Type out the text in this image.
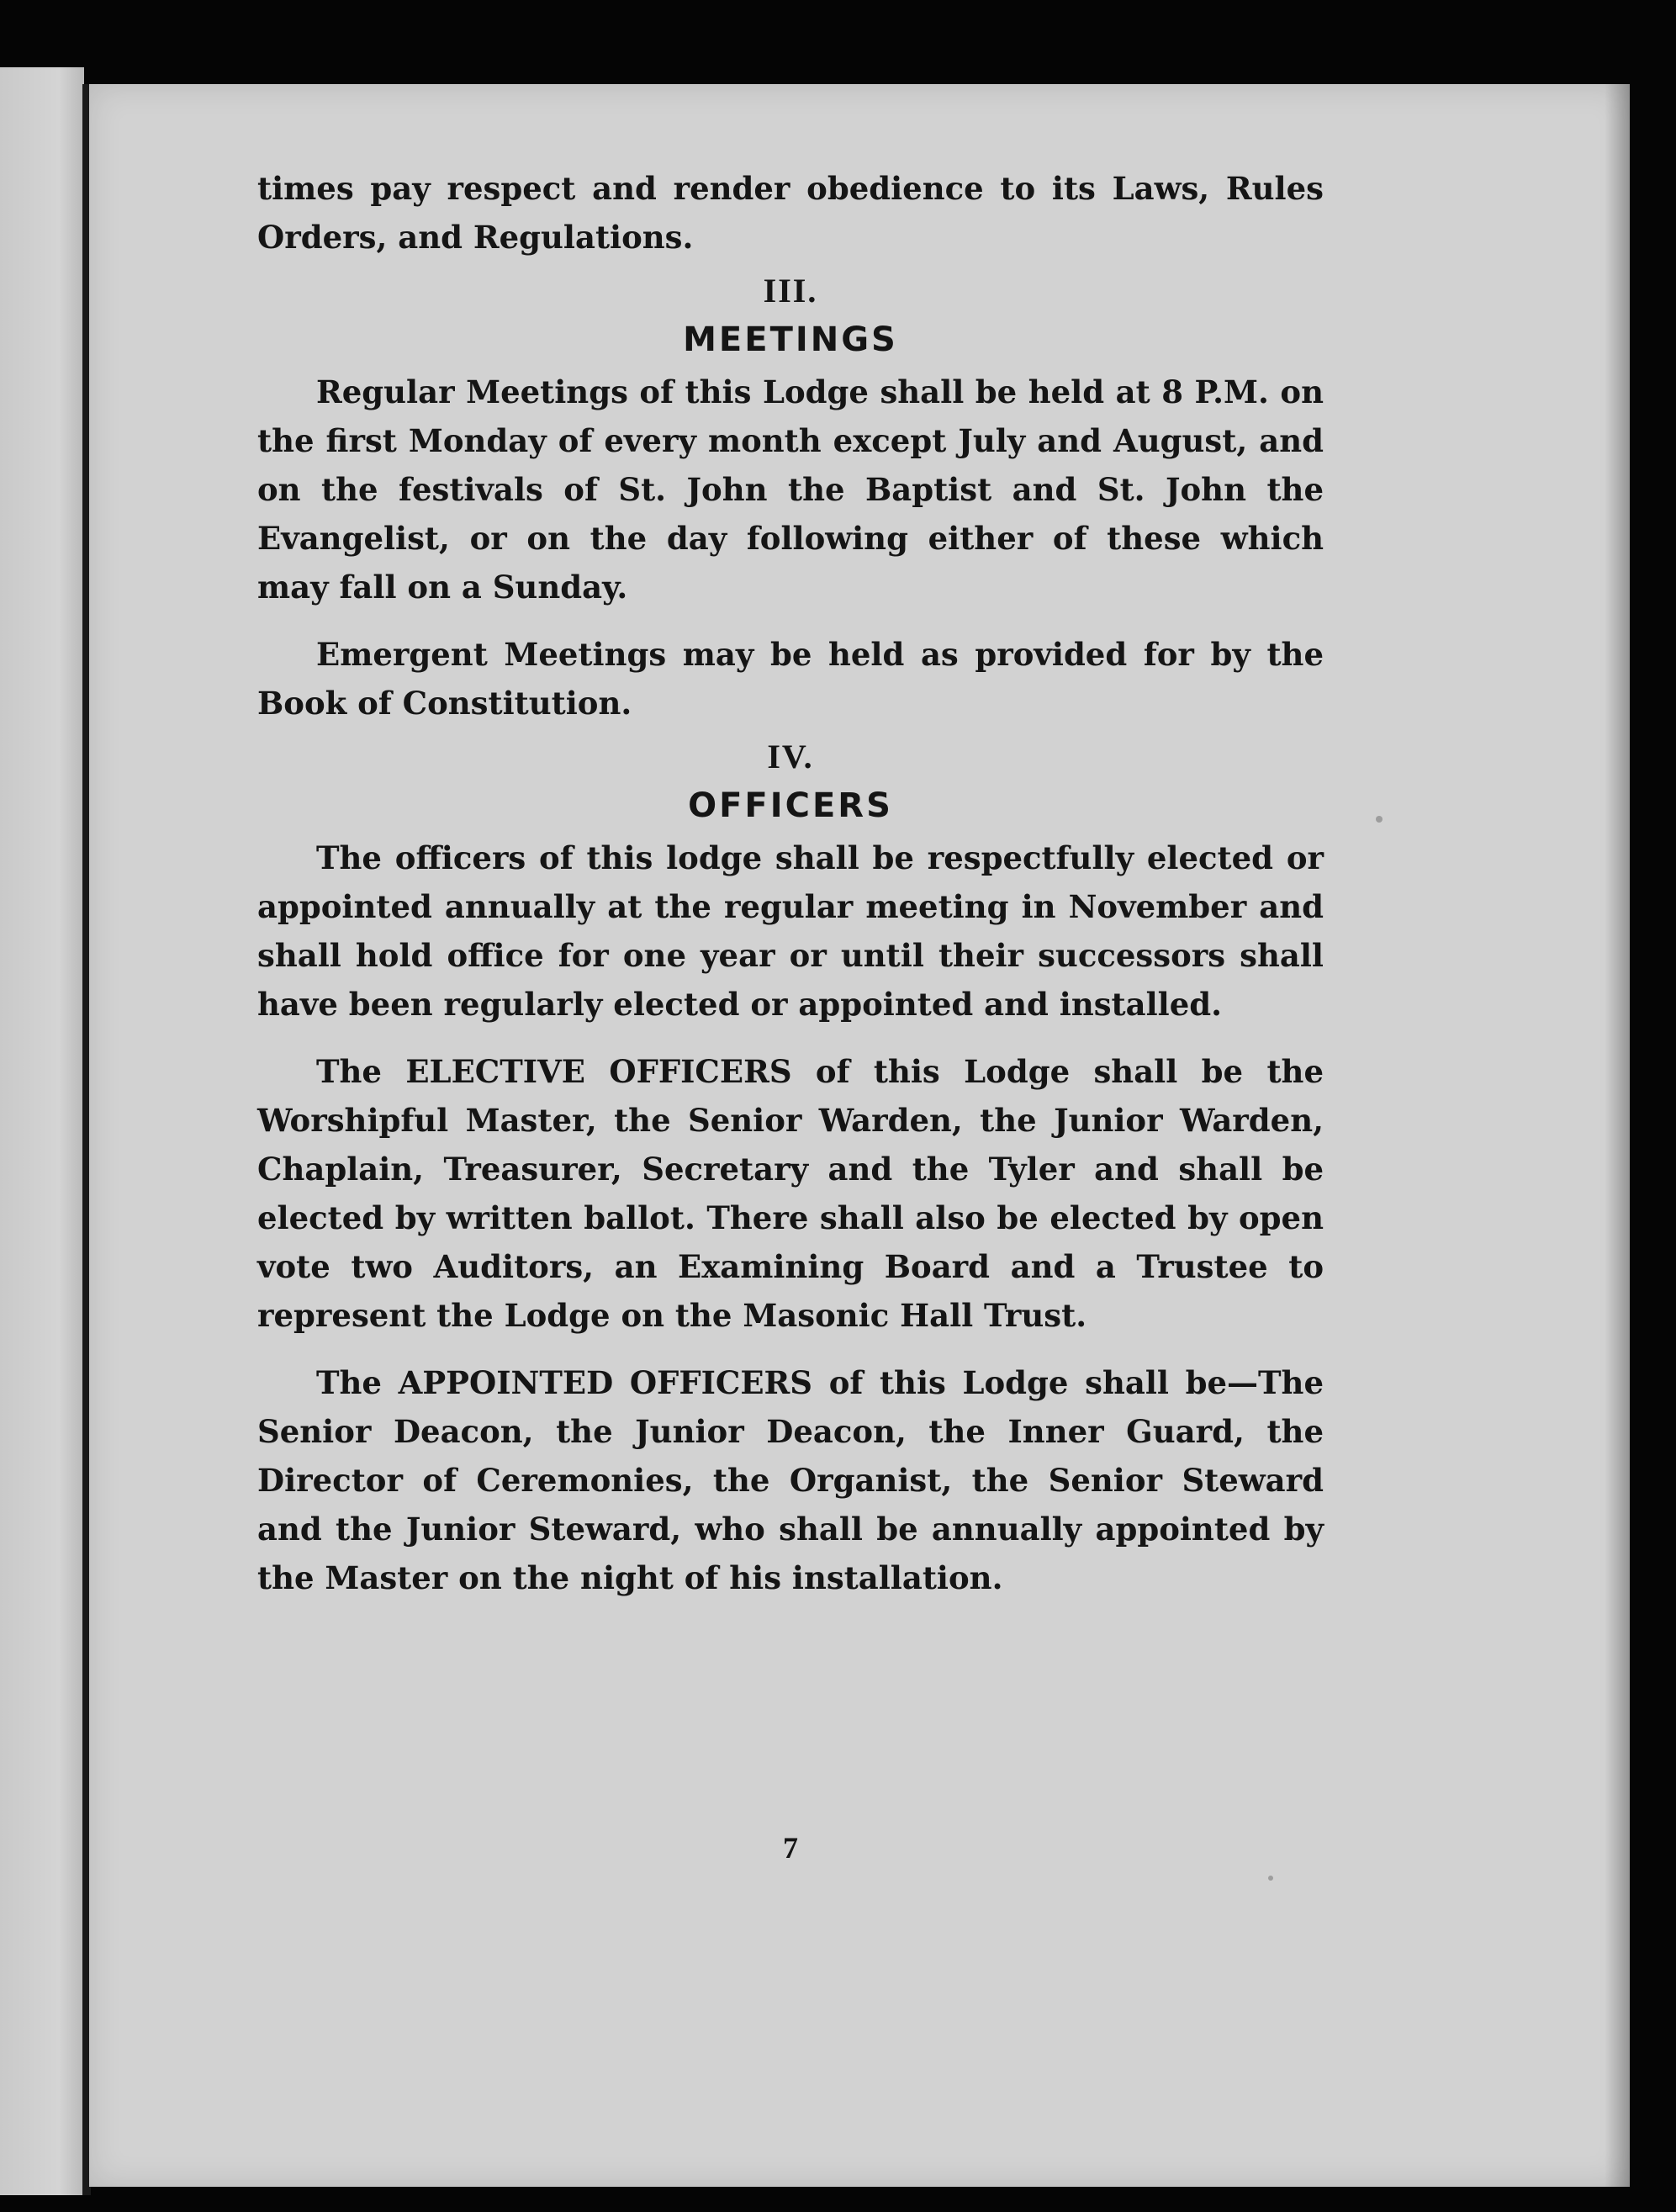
times pay respect and render obedience to its Laws, Rules Orders, and Regulations.

III.

MEETINGS

Regular Meetings of this Lodge shall be held at 8 P.M. on the first Monday of every month except July and August, and on the festivals of St. John the Baptist and St. John the Evangelist, or on the day following either of these which may fall on a Sunday.

Emergent Meetings may be held as provided for by the Book of Constitution.

IV.

OFFICERS

The officers of this lodge shall be respectfully elected or appointed annually at the regular meeting in November and shall hold office for one year or until their successors shall have been regularly elected or appointed and installed.

The ELECTIVE OFFICERS of this Lodge shall be the Worshipful Master, the Senior Warden, the Junior Warden, Chaplain, Treasurer, Secretary and the Tyler and shall be elected by written ballot. There shall also be elected by open vote two Auditors, an Examining Board and a Trustee to represent the Lodge on the Masonic Hall Trust.

The APPOINTED OFFICERS of this Lodge shall be—The Senior Deacon, the Junior Deacon, the Inner Guard, the Director of Ceremonies, the Organist, the Senior Steward and the Junior Steward, who shall be annually appointed by the Master on the night of his installation.

7
